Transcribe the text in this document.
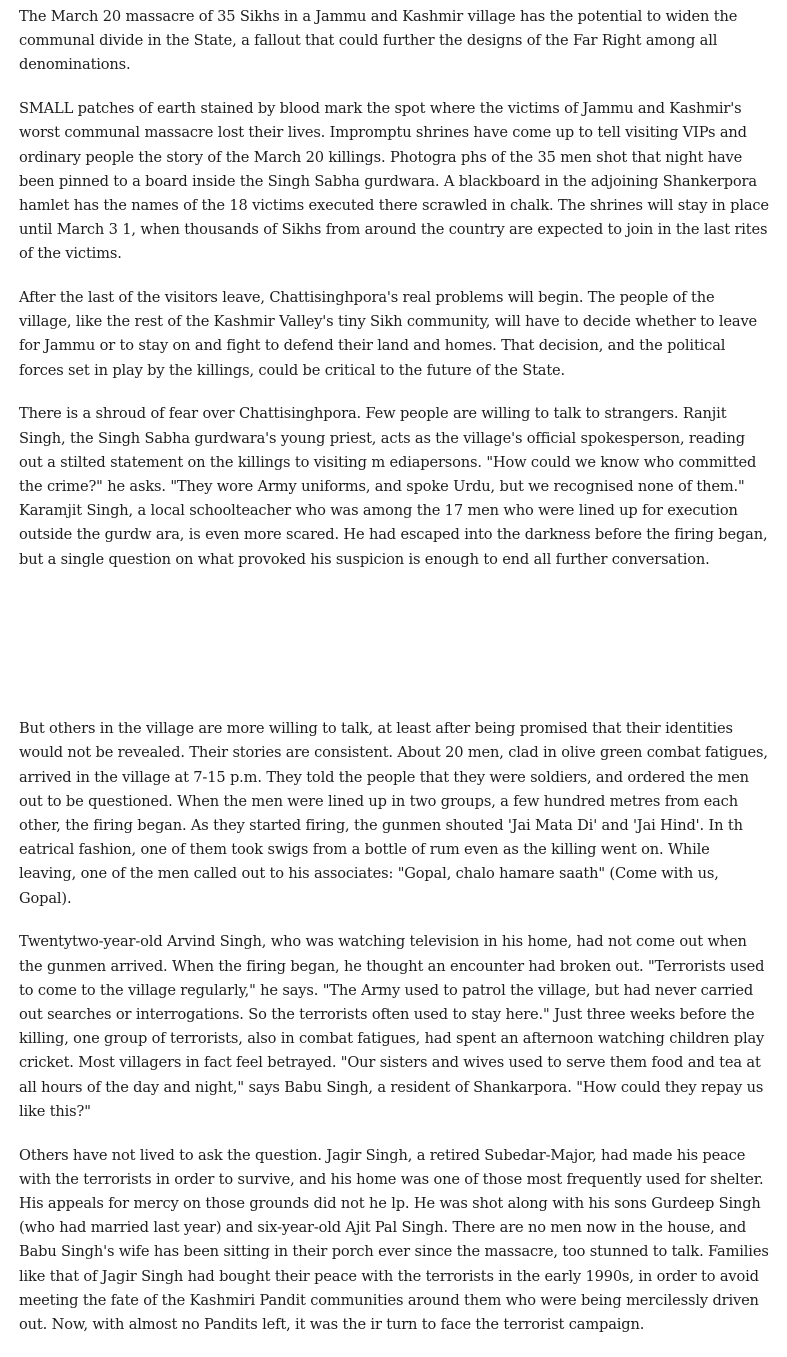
The March 20 massacre of 35 Sikhs in a Jammu and Kashmir village has the potential to widen the communal divide in the State, a fallout that could further the designs of the Far Right among all denominations.

SMALL patches of earth stained by blood mark the spot where the victims of Jammu and Kashmir's worst communal massacre lost their lives. Impromptu shrines have come up to tell visiting VIPs and ordinary people the story of the March 20 killings. Photogra phs of the 35 men shot that night have been pinned to a board inside the Singh Sabha gurdwara. A blackboard in the adjoining Shankerpora hamlet has the names of the 18 victims executed there scrawled in chalk. The shrines will stay in place until March 3 1, when thousands of Sikhs from around the country are expected to join in the last rites of the victims.

After the last of the visitors leave, Chattisinghpora's real problems will begin. The people of the village, like the rest of the Kashmir Valley's tiny Sikh community, will have to decide whether to leave for Jammu or to stay on and fight to defend their land and homes. That decision, and the political forces set in play by the killings, could be critical to the future of the State.

There is a shroud of fear over Chattisinghpora. Few people are willing to talk to strangers. Ranjit Singh, the Singh Sabha gurdwara's young priest, acts as the village's official spokesperson, reading out a stilted statement on the killings to visiting m ediapersons. "How could we know who committed the crime?" he asks. "They wore Army uniforms, and spoke Urdu, but we recognised none of them." Karamjit Singh, a local schoolteacher who was among the 17 men who were lined up for execution outside the gurdw ara, is even more scared. He had escaped into the darkness before the firing began, but a single question on what provoked his suspicion is enough to end all further conversation.

But others in the village are more willing to talk, at least after being promised that their identities would not be revealed. Their stories are consistent. About 20 men, clad in olive green combat fatigues, arrived in the village at 7-15 p.m. They told the people that they were soldiers, and ordered the men out to be questioned. When the men were lined up in two groups, a few hundred metres from each other, the firing began. As they started firing, the gunmen shouted 'Jai Mata Di' and 'Jai Hind'. In th eatrical fashion, one of them took swigs from a bottle of rum even as the killing went on. While leaving, one of the men called out to his associates: "Gopal, chalo hamare saath" (Come with us, Gopal).

Twentytwo-year-old Arvind Singh, who was watching television in his home, had not come out when the gunmen arrived. When the firing began, he thought an encounter had broken out. "Terrorists used to come to the village regularly," he says. "The Army used to patrol the village, but had never carried out searches or interrogations. So the terrorists often used to stay here." Just three weeks before the killing, one group of terrorists, also in combat fatigues, had spent an afternoon watching children play cricket. Most villagers in fact feel betrayed. "Our sisters and wives used to serve them food and tea at all hours of the day and night," says Babu Singh, a resident of Shankarpora. "How could they repay us like this?"

Others have not lived to ask the question. Jagir Singh, a retired Subedar-Major, had made his peace with the terrorists in order to survive, and his home was one of those most frequently used for shelter. His appeals for mercy on those grounds did not he lp. He was shot along with his sons Gurdeep Singh (who had married last year) and six-year-old Ajit Pal Singh. There are no men now in the house, and Babu Singh's wife has been sitting in their porch ever since the massacre, too stunned to talk. Families like that of Jagir Singh had bought their peace with the terrorists in the early 1990s, in order to avoid meeting the fate of the Kashmiri Pandit communities around them who were being mercilessly driven out. Now, with almost no Pandits left, it was the ir turn to face the terrorist campaign.
